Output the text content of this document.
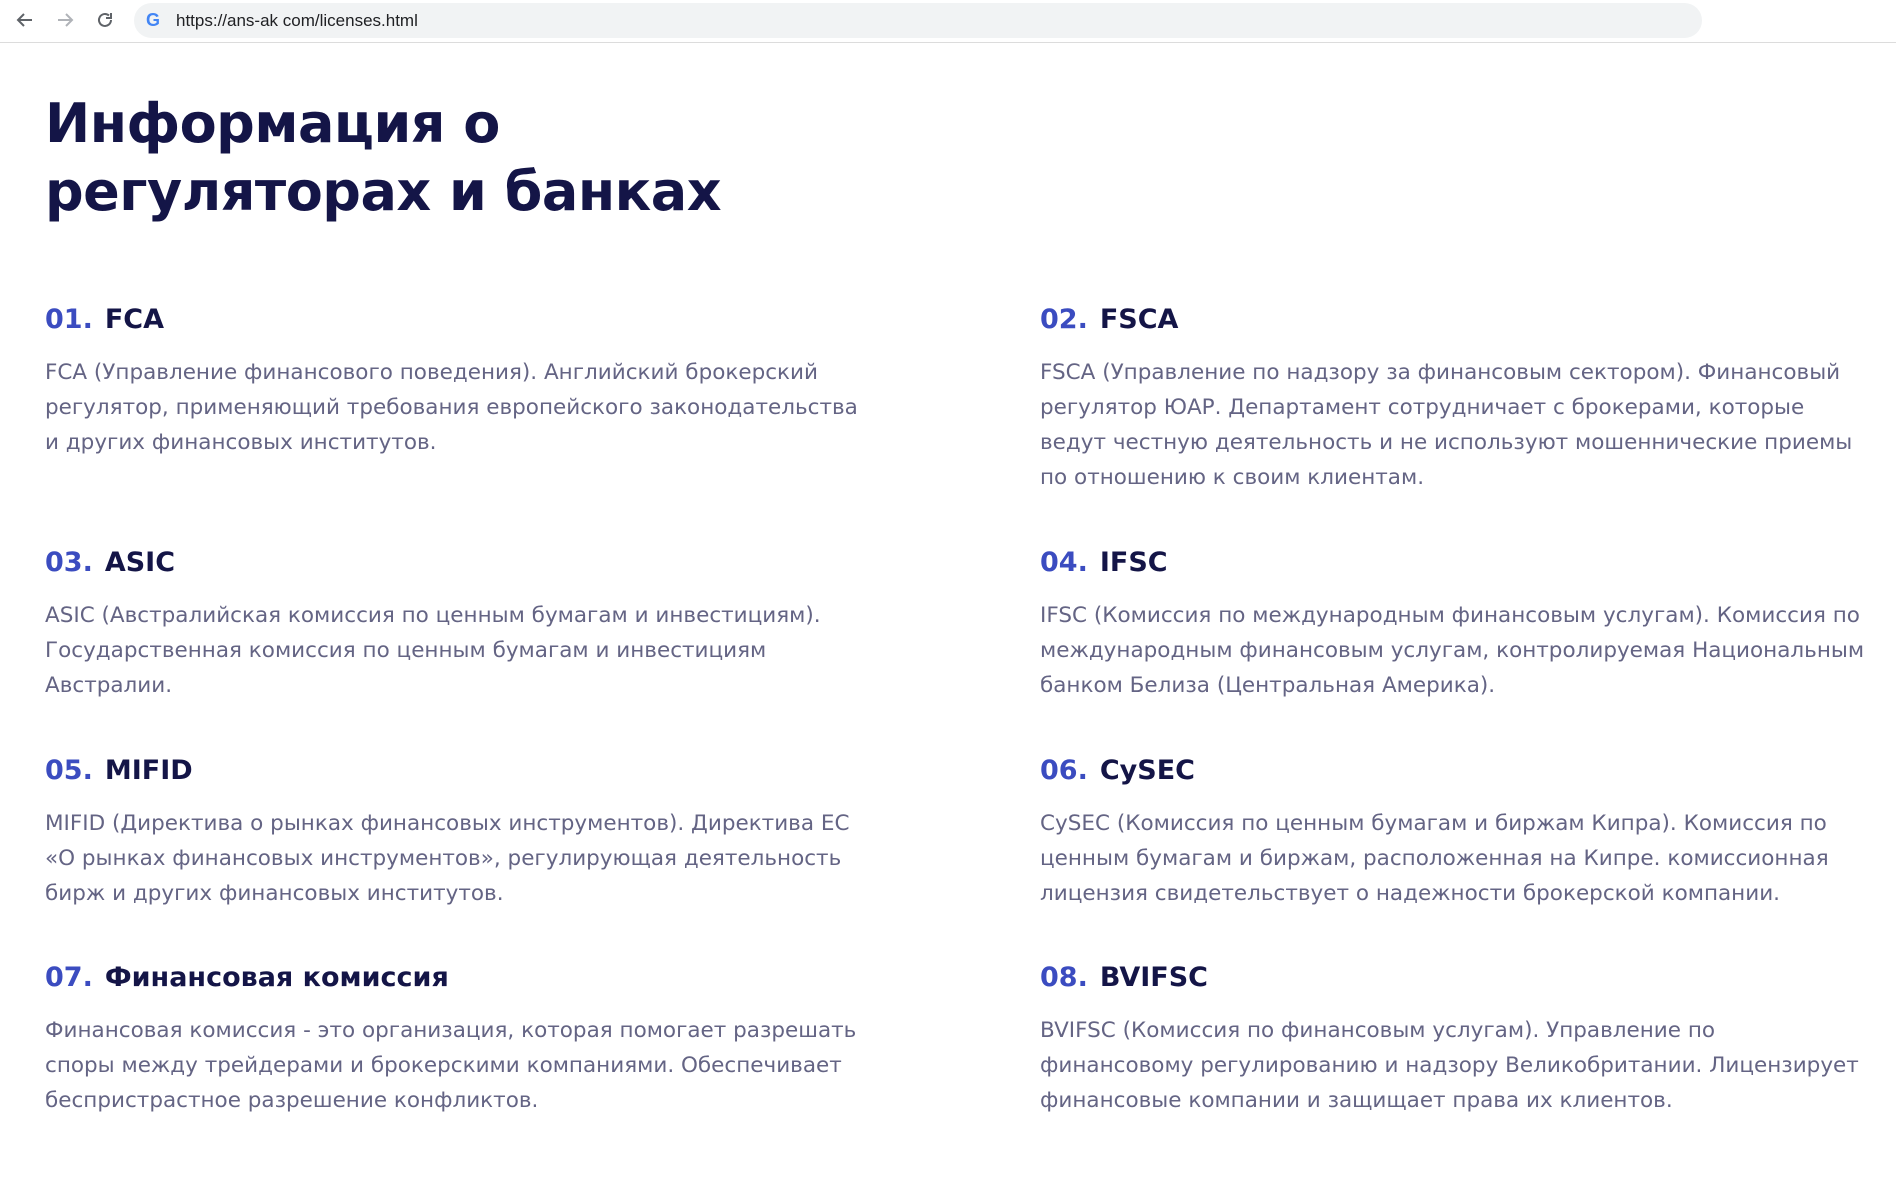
G https://ans-ak com/licenses.html
Информация о
регуляторах и банках
01. FCA

FCA (Управление финансового поведения). Английский брокерский регулятор, применяющий требования европейского законодательства и других финансовых институтов.

02. FSCA

FSCA (Управление по надзору за финансовым сектором). Финансовый регулятор ЮАР. Департамент сотрудничает с брокерами, которые ведут честную деятельность и не используют мошеннические приемы по отношению к своим клиентам.

03. ASIC

ASIC (Австралийская комиссия по ценным бумагам и инвестициям). Государственная комиссия по ценным бумагам и инвестициям Австралии.

04. IFSC

IFSC (Комиссия по международным финансовым услугам). Комиссия по международным финансовым услугам, контролируемая Национальным банком Белиза (Центральная Америка).

05. MIFID

MIFID (Директива о рынках финансовых инструментов). Директива ЕС «О рынках финансовых инструментов», регулирующая деятельность бирж и других финансовых институтов.

06. CySEC

CySEC (Комиссия по ценным бумагам и биржам Кипра). Комиссия по ценным бумагам и биржам, расположенная на Кипре. комиссионная лицензия свидетельствует о надежности брокерской компании.

07. Финансовая комиссия

Финансовая комиссия - это организация, которая помогает разрешать споры между трейдерами и брокерскими компаниями. Обеспечивает беспристрастное разрешение конфликтов.

08. BVIFSC

BVIFSC (Комиссия по финансовым услугам). Управление по финансовому регулированию и надзору Великобритании. Лицензирует финансовые компании и защищает права их клиентов.
